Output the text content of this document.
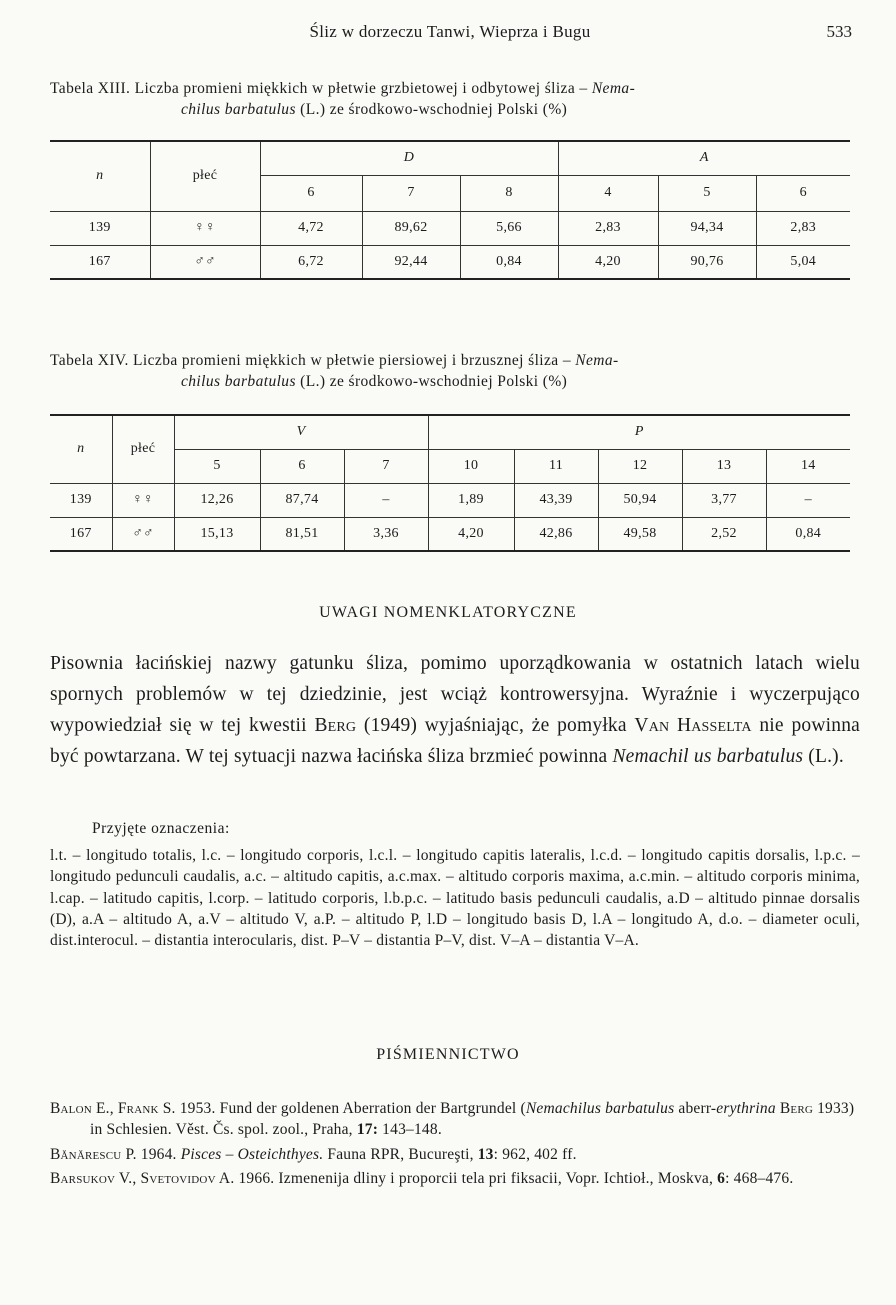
Śliz w dorzeczu Tanwi, Wieprza i Bugu	533
Tabela XIII. Liczba promieni miękkich w płetwie grzbietowej i odbytowej śliza – Nema-
chilus barbatulus (L.) ze środkowo-wschodniej Polski (%)
n	płeć	D			A		
		6	7	8	4	5	6
139	♀♀	4,72	89,62	5,66	2,83	94,34	2,83
167	♂♂	6,72	92,44	0,84	4,20	90,76	5,04
Tabela XIV. Liczba promieni miękkich w płetwie piersiowej i brzusznej śliza – Nema-
chilus barbatulus (L.) ze środkowo-wschodniej Polski (%)
n	płeć	V			P				
		5	6	7	10	11	12	13	14
139	♀♀	12,26	87,74	–	1,89	43,39	50,94	3,77	–
167	♂♂	15,13	81,51	3,36	4,20	42,86	49,58	2,52	0,84
UWAGI NOMENKLATORYCZNE
Pisownia łacińskiej nazwy gatunku śliza, pomimo uporządkowania w ostatnich latach wielu spornych problemów w tej dziedzinie, jest wciąż kontrowersyjna. Wyraźnie i wyczerpująco wypowiedział się w tej kwestii Berg (1949) wyjaśniając, że pomyłka Van Hasselta nie powinna być powtarzana. W tej sytuacji nazwa łacińska śliza brzmieć powinna Nemachil us barbatulus (L.).
Przyjęte oznaczenia:
l.t. – longitudo totalis, l.c. – longitudo corporis, l.c.l. – longitudo capitis lateralis, l.c.d. – longitudo capitis dorsalis, l.p.c. – longitudo pedunculi caudalis, a.c. – altitudo capitis, a.c.max. – altitudo corporis maxima, a.c.min. – altitudo corporis minima, l.cap. – latitudo capitis, l.corp. – latitudo corporis, l.b.p.c. – latitudo basis pedunculi caudalis, a.D – altitudo pinnae dorsalis (D), a.A – altitudo A, a.V – altitudo V, a.P. – altitudo P, l.D – longitudo basis D, l.A – longitudo A, d.o. – diameter oculi, dist.interocul. – distantia interocularis, dist. P–V – distantia P–V, dist. V–A – distantia V–A.
PIŚMIENNICTWO
Balon E., Frank S. 1953. Fund der goldenen Aberration der Bartgrundel (Nemachilus barbatulus aberr-erythrina Berg 1933) in Schlesien. Věst. Čs. spol. zool., Praha, 17: 143–148.
Bănărescu P. 1964. Pisces – Osteichthyes. Fauna RPR, Bucureşti, 13: 962, 402 ff.
Barsukov V., Svetovidov A. 1966. Izmenenija dliny i proporcii tela pri fiksacii, Vopr. Ichtioł., Moskva, 6: 468–476.
